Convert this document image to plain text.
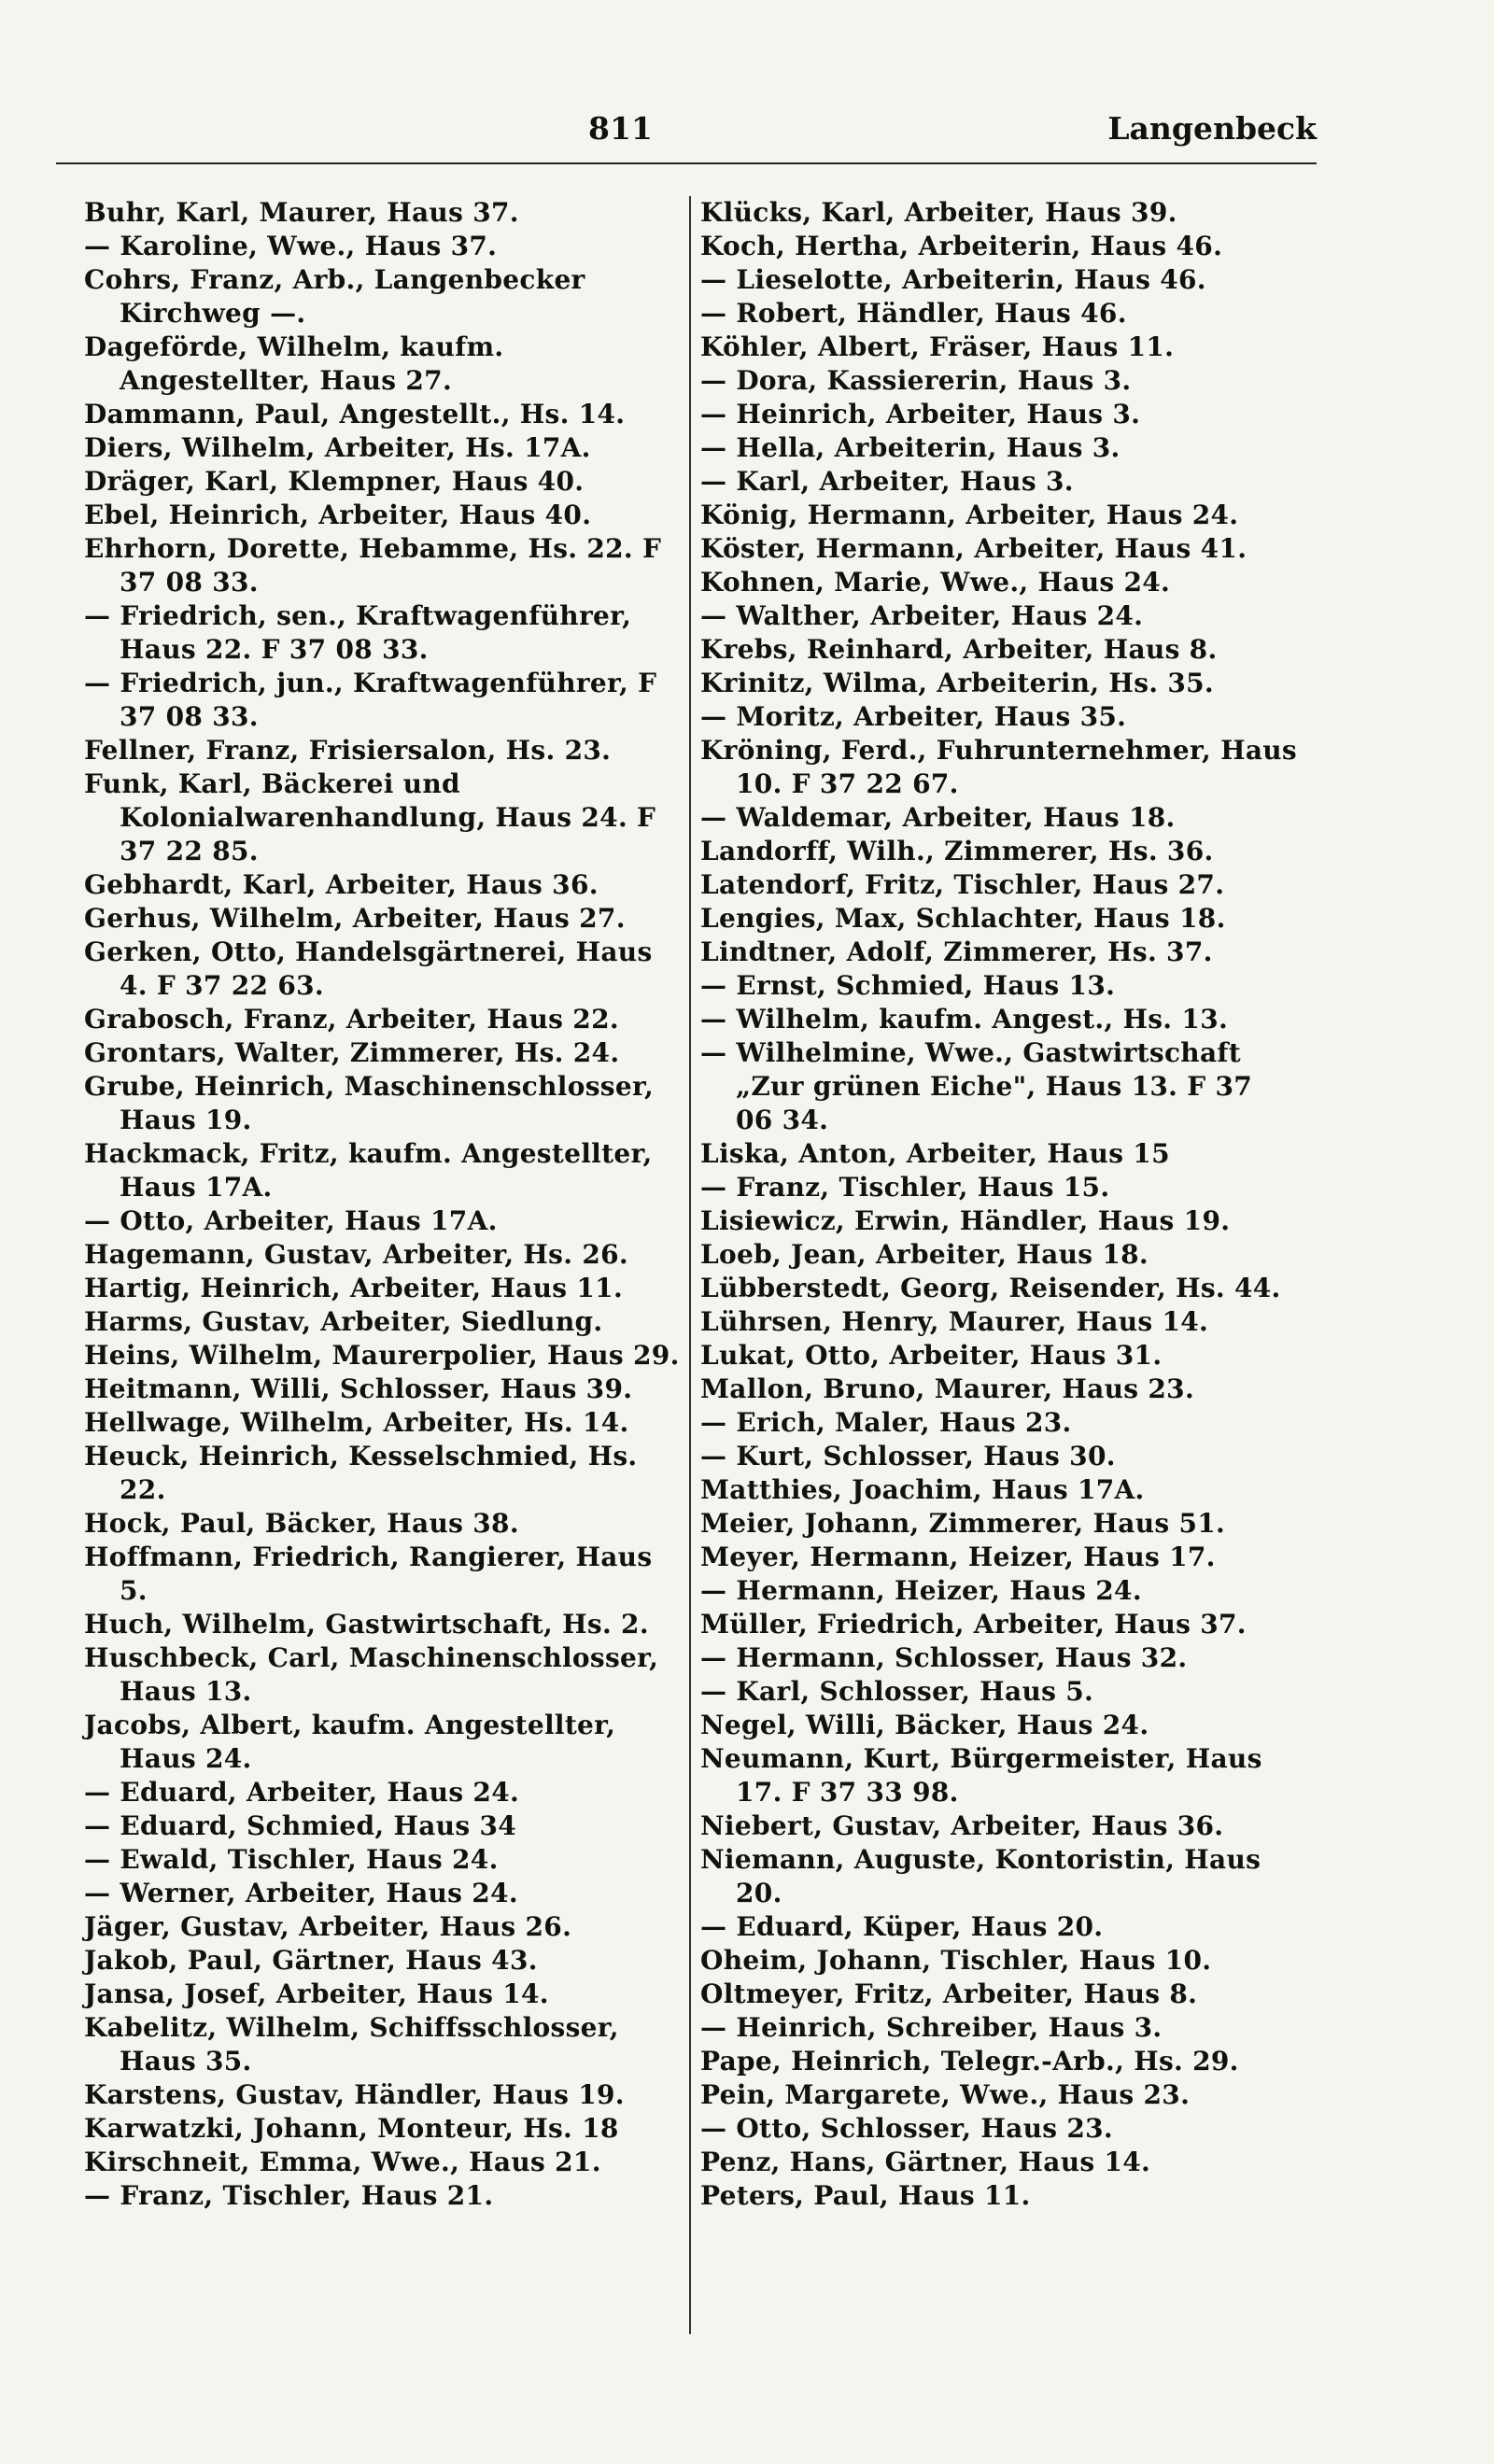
811	Langenbeck
Buhr, Karl, Maurer, Haus 37.
— Karoline, Wwe., Haus 37.
Cohrs, Franz, Arb., Langenbecker Kirchweg —.
Dageförde, Wilhelm, kaufm. Angestellter, Haus 27.
Dammann, Paul, Angestellt., Hs. 14.
Diers, Wilhelm, Arbeiter, Hs. 17A.
Dräger, Karl, Klempner, Haus 40.
Ebel, Heinrich, Arbeiter, Haus 40.
Ehrhorn, Dorette, Hebamme, Hs. 22. F 37 08 33.
— Friedrich, sen., Kraftwagenführer, Haus 22. F 37 08 33.
— Friedrich, jun., Kraftwagenführer, F 37 08 33.
Fellner, Franz, Frisiersalon, Hs. 23.
Funk, Karl, Bäckerei und Kolonialwarenhandlung, Haus 24. F 37 22 85.
Gebhardt, Karl, Arbeiter, Haus 36.
Gerhus, Wilhelm, Arbeiter, Haus 27.
Gerken, Otto, Handelsgärtnerei, Haus 4. F 37 22 63.
Grabosch, Franz, Arbeiter, Haus 22.
Grontars, Walter, Zimmerer, Hs. 24.
Grube, Heinrich, Maschinenschlosser, Haus 19.
Hackmack, Fritz, kaufm. Angestellter, Haus 17A.
— Otto, Arbeiter, Haus 17A.
Hagemann, Gustav, Arbeiter, Hs. 26.
Hartig, Heinrich, Arbeiter, Haus 11.
Harms, Gustav, Arbeiter, Siedlung.
Heins, Wilhelm, Maurerpolier, Haus 29.
Heitmann, Willi, Schlosser, Haus 39.
Hellwage, Wilhelm, Arbeiter, Hs. 14.
Heuck, Heinrich, Kesselschmied, Hs. 22.
Hock, Paul, Bäcker, Haus 38.
Hoffmann, Friedrich, Rangierer, Haus 5.
Huch, Wilhelm, Gastwirtschaft, Hs. 2.
Huschbeck, Carl, Maschinenschlosser, Haus 13.
Jacobs, Albert, kaufm. Angestellter, Haus 24.
— Eduard, Arbeiter, Haus 24.
— Eduard, Schmied, Haus 34
— Ewald, Tischler, Haus 24.
— Werner, Arbeiter, Haus 24.
Jäger, Gustav, Arbeiter, Haus 26.
Jakob, Paul, Gärtner, Haus 43.
Jansa, Josef, Arbeiter, Haus 14.
Kabelitz, Wilhelm, Schiffsschlosser, Haus 35.
Karstens, Gustav, Händler, Haus 19.
Karwatzki, Johann, Monteur, Hs. 18
Kirschneit, Emma, Wwe., Haus 21.
— Franz, Tischler, Haus 21.
Klücks, Karl, Arbeiter, Haus 39.
Koch, Hertha, Arbeiterin, Haus 46.
— Lieselotte, Arbeiterin, Haus 46.
— Robert, Händler, Haus 46.
Köhler, Albert, Fräser, Haus 11.
— Dora, Kassiererin, Haus 3.
— Heinrich, Arbeiter, Haus 3.
— Hella, Arbeiterin, Haus 3.
— Karl, Arbeiter, Haus 3.
König, Hermann, Arbeiter, Haus 24.
Köster, Hermann, Arbeiter, Haus 41.
Kohnen, Marie, Wwe., Haus 24.
— Walther, Arbeiter, Haus 24.
Krebs, Reinhard, Arbeiter, Haus 8.
Krinitz, Wilma, Arbeiterin, Hs. 35.
— Moritz, Arbeiter, Haus 35.
Kröning, Ferd., Fuhrunternehmer, Haus 10. F 37 22 67.
— Waldemar, Arbeiter, Haus 18.
Landorff, Wilh., Zimmerer, Hs. 36.
Latendorf, Fritz, Tischler, Haus 27.
Lengies, Max, Schlachter, Haus 18.
Lindtner, Adolf, Zimmerer, Hs. 37.
— Ernst, Schmied, Haus 13.
— Wilhelm, kaufm. Angest., Hs. 13.
— Wilhelmine, Wwe., Gastwirtschaft „Zur grünen Eiche", Haus 13. F 37 06 34.
Liska, Anton, Arbeiter, Haus 15
— Franz, Tischler, Haus 15.
Lisiewicz, Erwin, Händler, Haus 19.
Loeb, Jean, Arbeiter, Haus 18.
Lübberstedt, Georg, Reisender, Hs. 44.
Lührsen, Henry, Maurer, Haus 14.
Lukat, Otto, Arbeiter, Haus 31.
Mallon, Bruno, Maurer, Haus 23.
— Erich, Maler, Haus 23.
— Kurt, Schlosser, Haus 30.
Matthies, Joachim, Haus 17A.
Meier, Johann, Zimmerer, Haus 51.
Meyer, Hermann, Heizer, Haus 17.
— Hermann, Heizer, Haus 24.
Müller, Friedrich, Arbeiter, Haus 37.
— Hermann, Schlosser, Haus 32.
— Karl, Schlosser, Haus 5.
Negel, Willi, Bäcker, Haus 24.
Neumann, Kurt, Bürgermeister, Haus 17. F 37 33 98.
Niebert, Gustav, Arbeiter, Haus 36.
Niemann, Auguste, Kontoristin, Haus 20.
— Eduard, Küper, Haus 20.
Oheim, Johann, Tischler, Haus 10.
Oltmeyer, Fritz, Arbeiter, Haus 8.
— Heinrich, Schreiber, Haus 3.
Pape, Heinrich, Telegr.-Arb., Hs. 29.
Pein, Margarete, Wwe., Haus 23.
— Otto, Schlosser, Haus 23.
Penz, Hans, Gärtner, Haus 14.
Peters, Paul, Haus 11.
